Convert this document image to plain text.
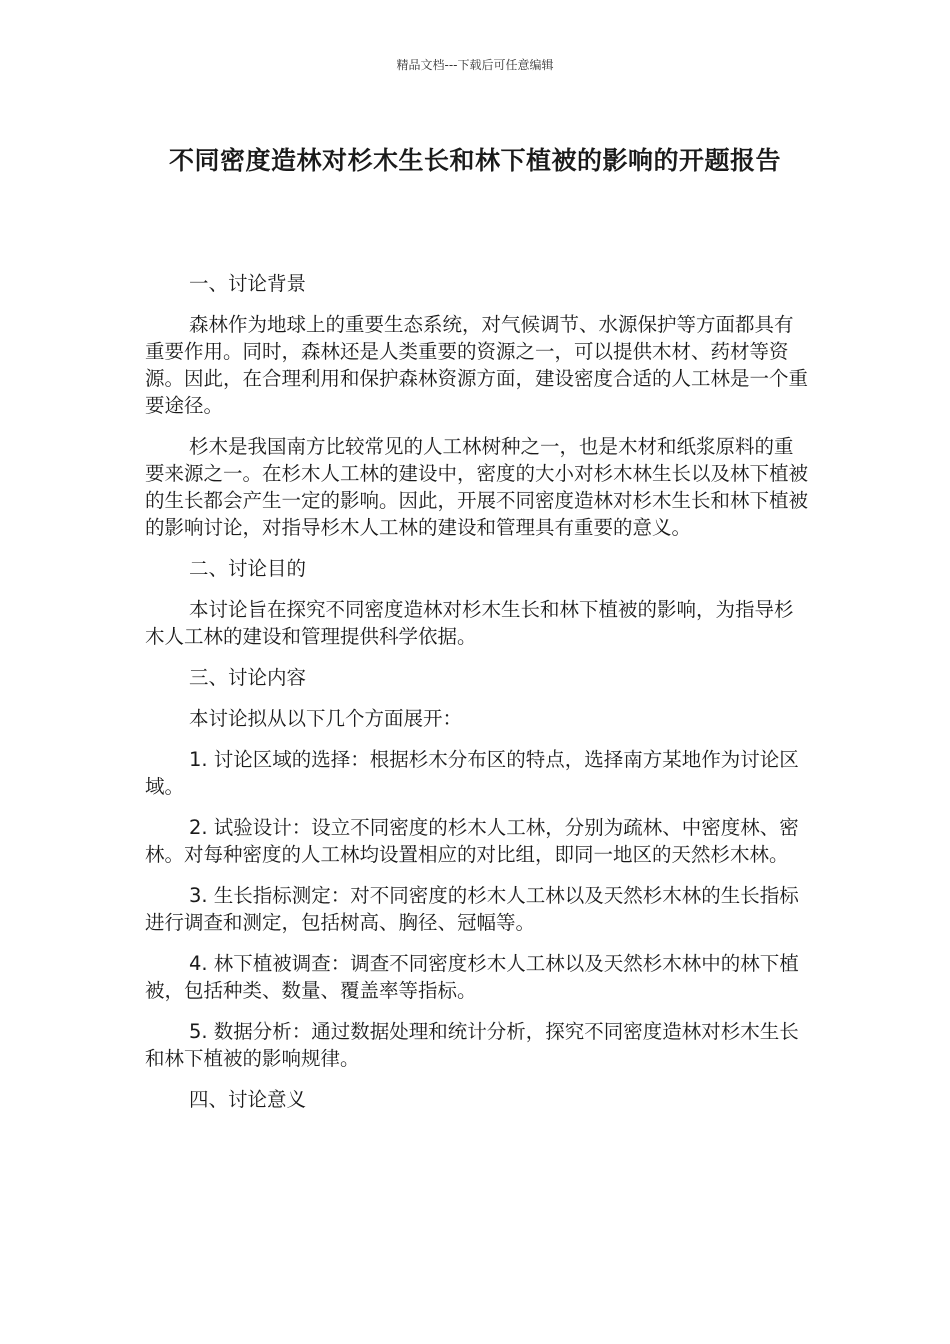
精品文档---下载后可任意编辑
不同密度造林对杉木生长和林下植被的影响的开题报告

一、讨论背景

森林作为地球上的重要生态系统，对气候调节、水源保护等方面都具有重要作用。同时，森林还是人类重要的资源之一，可以提供木材、药材等资源。因此，在合理利用和保护森林资源方面，建设密度合适的人工林是一个重要途径。

杉木是我国南方比较常见的人工林树种之一，也是木材和纸浆原料的重要来源之一。在杉木人工林的建设中，密度的大小对杉木林生长以及林下植被的生长都会产生一定的影响。因此，开展不同密度造林对杉木生长和林下植被的影响讨论，对指导杉木人工林的建设和管理具有重要的意义。

二、讨论目的

本讨论旨在探究不同密度造林对杉木生长和林下植被的影响，为指导杉木人工林的建设和管理提供科学依据。

三、讨论内容

本讨论拟从以下几个方面展开：

1. 讨论区域的选择：根据杉木分布区的特点，选择南方某地作为讨论区域。

2. 试验设计：设立不同密度的杉木人工林，分别为疏林、中密度林、密林。对每种密度的人工林均设置相应的对比组，即同一地区的天然杉木林。

3. 生长指标测定：对不同密度的杉木人工林以及天然杉木林的生长指标进行调查和测定，包括树高、胸径、冠幅等。

4. 林下植被调查：调查不同密度杉木人工林以及天然杉木林中的林下植被，包括种类、数量、覆盖率等指标。

5. 数据分析：通过数据处理和统计分析，探究不同密度造林对杉木生长和林下植被的影响规律。

四、讨论意义
